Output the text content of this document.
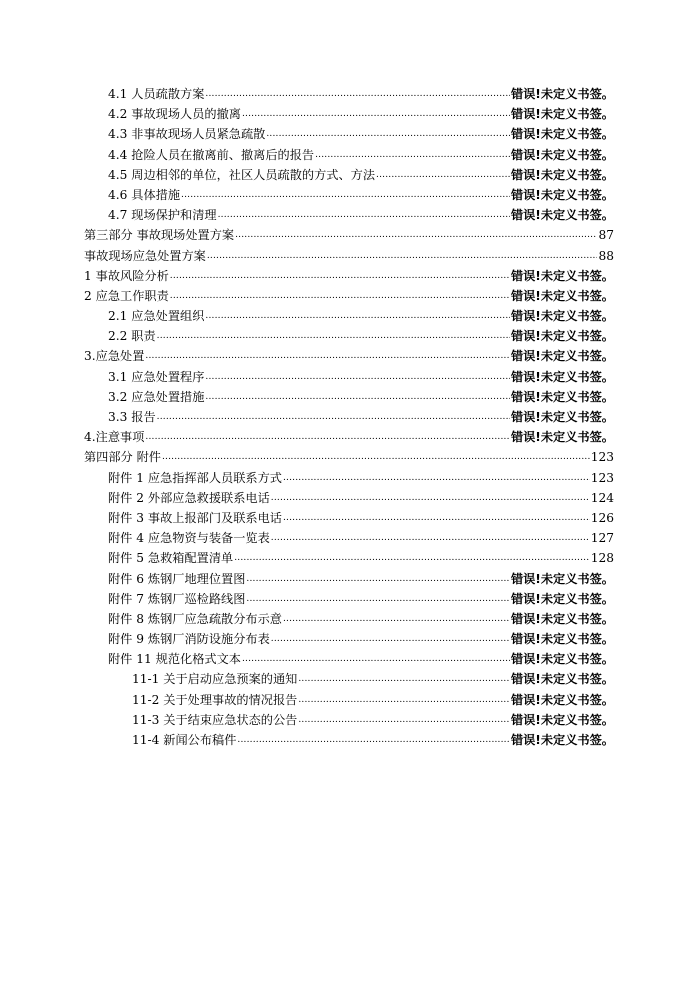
4.1 人员疏散方案 .....	错误!未定义书签。
4.2 事故现场人员的撤离 .....	错误!未定义书签。
4.3 非事故现场人员紧急疏散 .....	错误!未定义书签。
4.4 抢险人员在撤离前、撤离后的报告 .....	错误!未定义书签。
4.5 周边相邻的单位，社区人员疏散的方式、方法 .....	错误!未定义书签。
4.6 具体措施 .....	错误!未定义书签。
4.7 现场保护和清理 .....	错误!未定义书签。
第三部分 事故现场处置方案 .....	87
事故现场应急处置方案 .....	88
1 事故风险分析 .....	错误!未定义书签。
2 应急工作职责 .....	错误!未定义书签。
2.1 应急处置组织 .....	错误!未定义书签。
2.2 职责 .....	错误!未定义书签。
3.应急处置 .....	错误!未定义书签。
3.1 应急处置程序 .....	错误!未定义书签。
3.2 应急处置措施 .....	错误!未定义书签。
3.3 报告 .....	错误!未定义书签。
4.注意事项 .....	错误!未定义书签。
第四部分 附件 .....	123
附件 1 应急指挥部人员联系方式 .....	123
附件 2 外部应急救援联系电话 .....	124
附件 3 事故上报部门及联系电话 .....	126
附件 4 应急物资与装备一览表 .....	127
附件 5 急救箱配置清单 .....	128
附件 6 炼钢厂地理位置图 .....	错误!未定义书签。
附件 7 炼钢厂巡检路线图 .....	错误!未定义书签。
附件 8 炼钢厂应急疏散分布示意 .....	错误!未定义书签。
附件 9 炼钢厂消防设施分布表 .....	错误!未定义书签。
附件 11 规范化格式文本 .....	错误!未定义书签。
11-1 关于启动应急预案的通知 .....	错误!未定义书签。
11-2 关于处理事故的情况报告 .....	错误!未定义书签。
11-3 关于结束应急状态的公告 .....	错误!未定义书签。
11-4 新闻公布稿件 .....	错误!未定义书签。
